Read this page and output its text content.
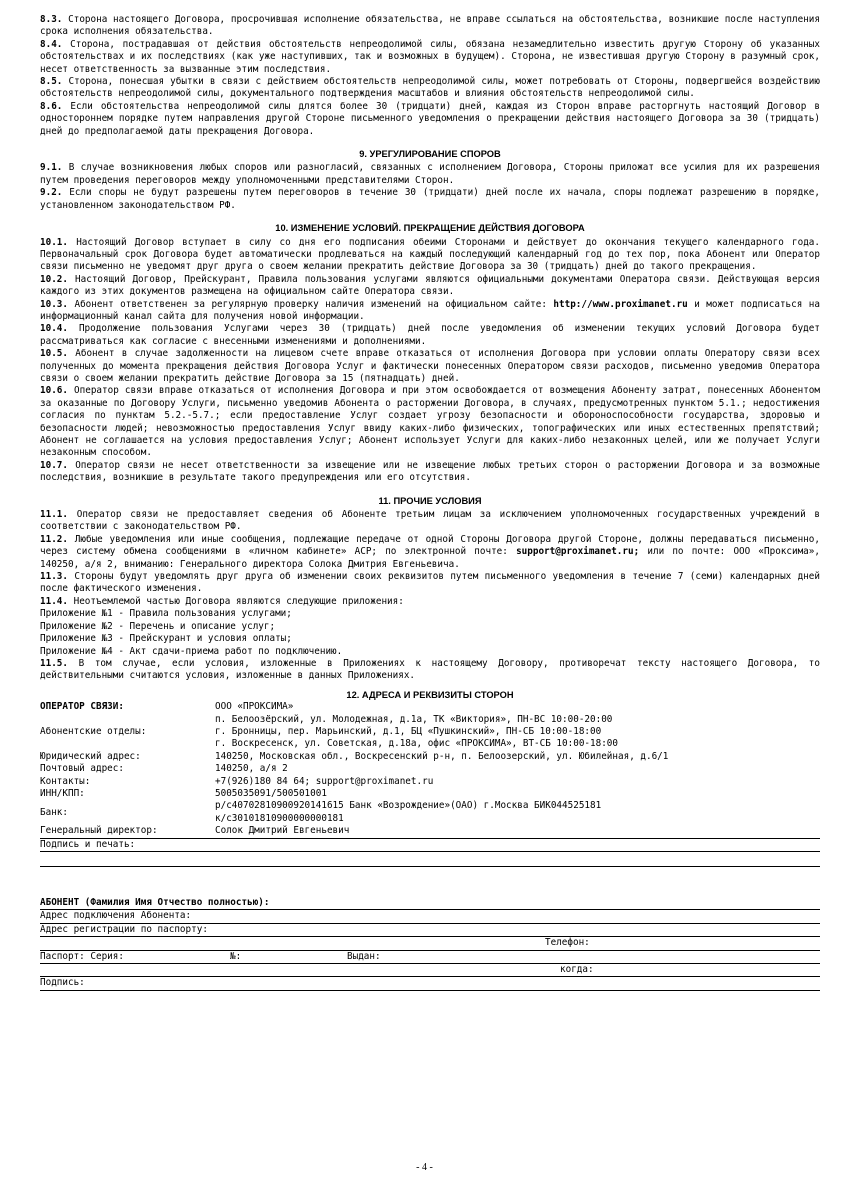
8.3. Сторона настоящего Договора, просрочившая исполнение обязательства, не вправе ссылаться на обстоятельства, возникшие после наступления срока исполнения обязательства.

8.4. Сторона, пострадавшая от действия обстоятельств непреодолимой силы, обязана незамедлительно известить другую Сторону об указанных обстоятельствах и их последствиях (как уже наступивших, так и возможных в будущем). Сторона, не известившая другую Сторону в разумный срок, несет ответственность за вызванные этим последствия.

8.5. Сторона, понесшая убытки в связи с действием обстоятельств непреодолимой силы, может потребовать от Стороны, подвергшейся воздействию обстоятельств непреодолимой силы, документального подтверждения масштабов и влияния обстоятельств непреодолимой силы.

8.6. Если обстоятельства непреодолимой силы длятся более 30 (тридцати) дней, каждая из Сторон вправе расторгнуть настоящий Договор в одностороннем порядке путем направления другой Стороне письменного уведомления о прекращении действия настоящего Договора за 30 (тридцать) дней до предполагаемой даты прекращения Договора.

9. УРЕГУЛИРОВАНИЕ СПОРОВ

9.1. В случае возникновения любых споров или разногласий, связанных с исполнением Договора, Стороны приложат все усилия для их разрешения путем проведения переговоров между уполномоченными представителями Сторон.

9.2. Если споры не будут разрешены путем переговоров в течение 30 (тридцати) дней после их начала, споры подлежат разрешению в порядке, установленном законодательством РФ.

10. ИЗМЕНЕНИЕ УСЛОВИЙ. ПРЕКРАЩЕНИЕ ДЕЙСТВИЯ ДОГОВОРА

10.1. Настоящий Договор вступает в силу со дня его подписания обеими Сторонами и действует до окончания текущего календарного года. Первоначальный срок Договора будет автоматически продлеваться на каждый последующий календарный год до тех пор, пока Абонент или Оператор связи письменно не уведомят друг друга о своем желании прекратить действие Договора за 30 (тридцать) дней до такого прекращения.

10.2. Настоящий Договор, Прейскурант, Правила пользования услугами являются официальными документами Оператора связи. Действующая версия каждого из этих документов размещена на официальном сайте Оператора связи.

10.3. Абонент ответственен за регулярную проверку наличия изменений на официальном сайте: http://www.proximanet.ru и может подписаться на информационный канал сайта для получения новой информации.

10.4. Продолжение пользования Услугами через 30 (тридцать) дней после уведомления об изменении текущих условий Договора будет рассматриваться как согласие с внесенными изменениями и дополнениями.

10.5. Абонент в случае задолженности на лицевом счете вправе отказаться от исполнения Договора при условии оплаты Оператору связи всех полученных до момента прекращения действия Договора Услуг и фактически понесенных Оператором связи расходов, письменно уведомив Оператора связи о своем желании прекратить действие Договора за 15 (пятнадцать) дней.

10.6. Оператор связи вправе отказаться от исполнения Договора и при этом освобождается от возмещения Абоненту затрат, понесенных Абонентом за оказанные по Договору Услуги, письменно уведомив Абонента о расторжении Договора, в случаях, предусмотренных пунктом 5.1.; недостижения согласия по пунктам 5.2.-5.7.; если предоставление Услуг создает угрозу безопасности и обороноспособности государства, здоровью и безопасности людей; невозможностью предоставления Услуг ввиду каких-либо физических, топографических или иных естественных препятствий; Абонент не соглашается на условия предоставления Услуг; Абонент использует Услуги для каких-либо незаконных целей, или же получает Услуги незаконным способом.

10.7. Оператор связи не несет ответственности за извещение или не извещение любых третьих сторон о расторжении Договора и за возможные последствия, возникшие в результате такого предупреждения или его отсутствия.

11. ПРОЧИЕ УСЛОВИЯ

11.1. Оператор связи не предоставляет сведения об Абоненте третьим лицам за исключением уполномоченных государственных учреждений в соответствии с законодательством РФ.

11.2. Любые уведомления или иные сообщения, подлежащие передаче от одной Стороны Договора другой Стороне, должны передаваться письменно, через систему обмена сообщениями в «личном кабинете» АСР; по электронной почте: support@proximanet.ru; или по почте: ООО «Проксима», 140250, а/я 2, вниманию: Генерального директора Солока Дмитрия Евгеньевича.

11.3. Стороны будут уведомлять друг друга об изменении своих реквизитов путем письменного уведомления в течение 7 (семи) календарных дней после фактического изменения.

11.4. Неотъемлемой частью Договора являются следующие приложения:

Приложение №1 - Правила пользования услугами;

Приложение №2 - Перечень и описание услуг;

Приложение №3 - Прейскурант и условия оплаты;

Приложение №4 - Акт сдачи-приема работ по подключению.

11.5. В том случае, если условия, изложенные в Приложениях к настоящему Договору, противоречат тексту настоящего Договора, то действительными считаются условия, изложенные в данных Приложениях.

12. АДРЕСА И РЕКВИЗИТЫ СТОРОН
ОПЕРАТОР СВЯЗИ:	ООО «ПРОКСИМА»
	п. Белоозёрский, ул. Молодежная, д.1а, ТК «Виктория», ПН-ВС 10:00-20:00
Абонентские отделы:	г. Бронницы, пер. Марьинский, д.1, БЦ «Пушкинский», ПН-СБ 10:00-18:00
	г. Воскресенск, ул. Советская, д.18а, офис «ПРОКСИМА», ВТ-СБ 10:00-18:00
Юридический адрес:	140250, Московская обл., Воскресенский р-н, п. Белоозерский, ул. Юбилейная, д.6/1
Почтовый адрес:	140250, а/я 2
Контакты:	+7(926)180 84 64; support@proximanet.ru
ИНН/КПП:	5005035091/500501001
Банк:	р/с40702810900920141615 Банк «Возрождение»(ОАО) г.Москва БИК044525181
к/с30101810900000000181

Генеральный директор:	Солок Дмитрий Евгеньевич
Подпись и печать:
АБОНЕНТ (Фамилия Имя Отчество полностью):
Адрес подключения Абонента:
Адрес регистрации по паспорту:
Телефон:
Паспорт: Серия:	№:	Выдан:
когда:
Подпись:
- 4 -
